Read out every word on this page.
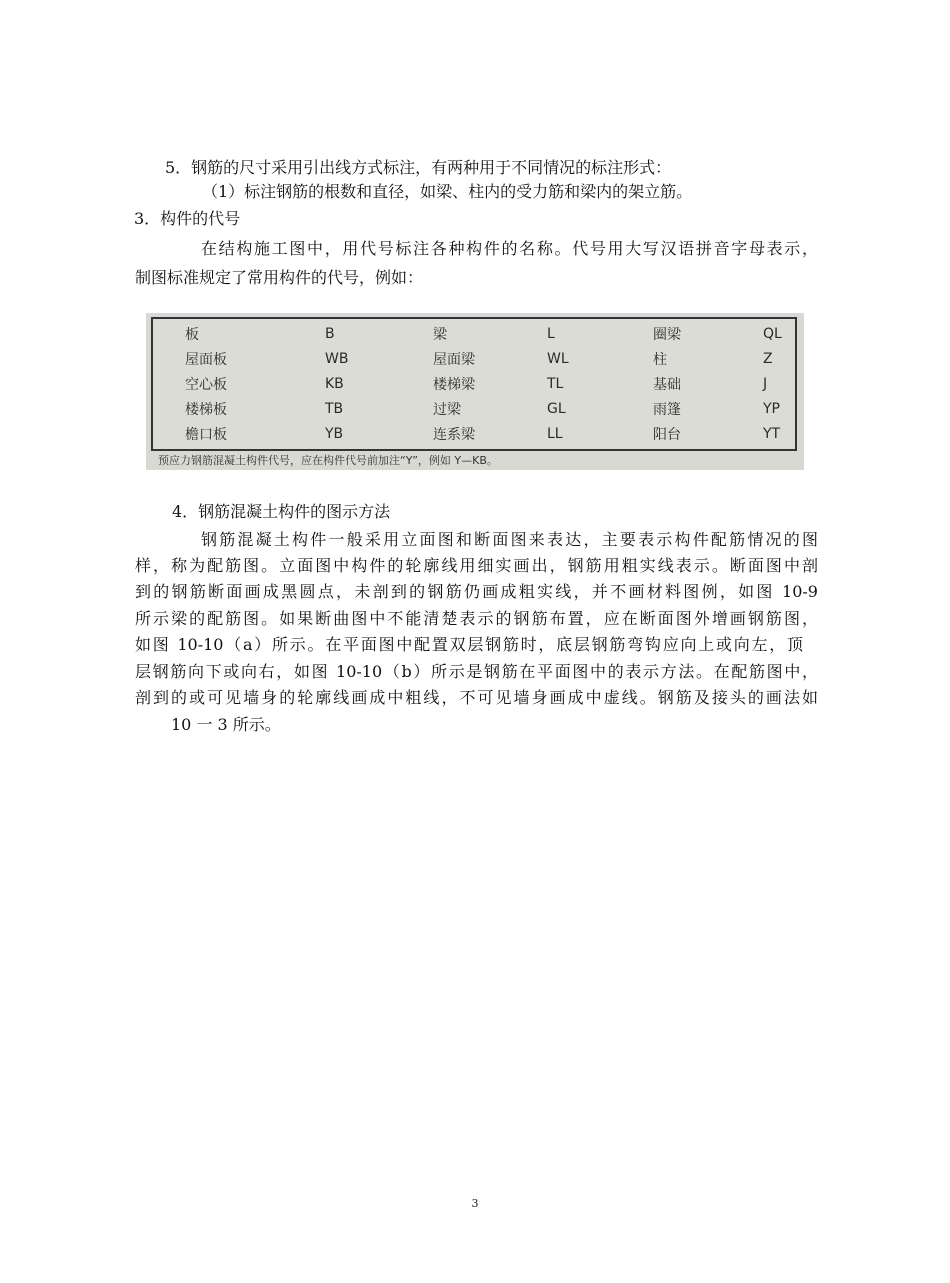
5．钢筋的尺寸采用引出线方式标注，有两种用于不同情况的标注形式：

（1）标注钢筋的根数和直径，如梁、柱内的受力筋和梁内的架立筋。

3．构件的代号

在结构施工图中，用代号标注各种构件的名称。代号用大写汉语拼音字母表示，

制图标准规定了常用构件的代号，例如：

板	B	梁	L	圈梁	QL
屋面板	WB	屋面梁	WL	柱	Z
空心板	KB	楼梯梁	TL	基础	J
楼梯板	TB	过梁	GL	雨篷	YP
檐口板	YB	连系梁	LL	阳台	YT
预应力钢筋混凝土构件代号，应在构件代号前加注“Y”，例如 Y—KB。

4．钢筋混凝土构件的图示方法

钢筋混凝土构件一般采用立面图和断面图来表达，主要表示构件配筋情况的图

样，称为配筋图。立面图中构件的轮廓线用细实画出，钢筋用粗实线表示。断面图中剖

到的钢筋断面画成黑圆点，未剖到的钢筋仍画成粗实线，并不画材料图例，如图 10-9

所示梁的配筋图。如果断曲图中不能清楚表示的钢筋布置，应在断面图外增画钢筋图，

如图 10-10（a）所示。在平面图中配置双层钢筋时，底层钢筋弯钩应向上或向左，顶

层钢筋向下或向右，如图 10-10（b）所示是钢筋在平面图中的表示方法。在配筋图中，

剖到的或可见墙身的轮廓线画成中粗线，不可见墙身画成中虚线。钢筋及接头的画法如

10 一 3 所示。

3
